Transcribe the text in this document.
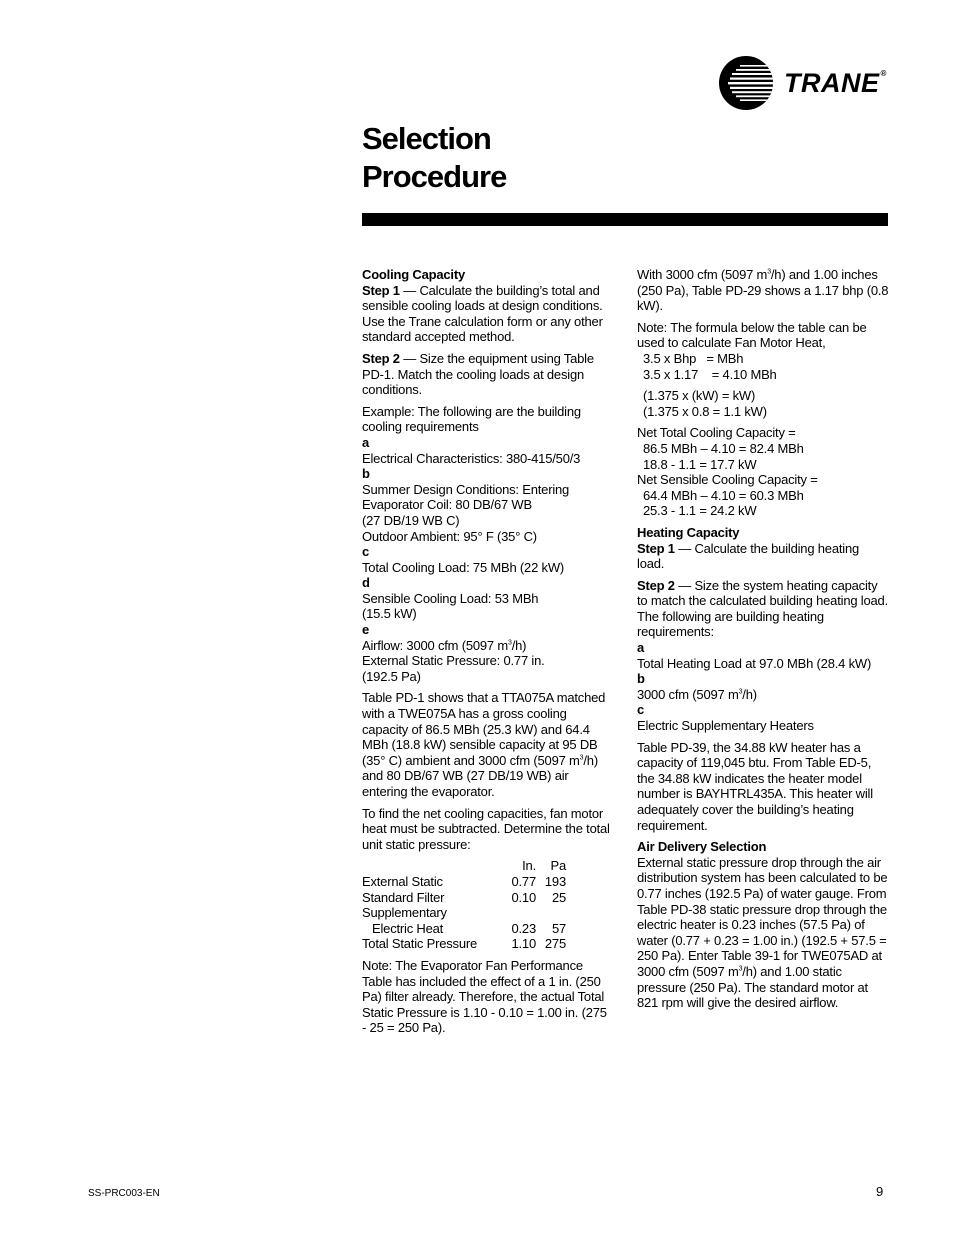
TRANE®
Selection
Procedure

Cooling Capacity
Step 1 — Calculate the building’s total and sensible cooling loads at design conditions. Use the Trane calculation form or any other standard accepted method.

Step 2 — Size the equipment using Table PD-1. Match the cooling loads at design conditions.

Example: The following are the building cooling requirements
a
Electrical Characteristics: 380-415/50/3
b
Summer Design Conditions: Entering Evaporator Coil: 80 DB/67 WB
(27 DB/19 WB C)
Outdoor Ambient: 95° F (35° C)
c
Total Cooling Load: 75 MBh (22 kW)
d
Sensible Cooling Load: 53 MBh
(15.5 kW)
e
Airflow: 3000 cfm (5097 $m^3/h$)
External Static Pressure: 0.77 in.
(192.5 Pa)

Table PD-1 shows that a TTA075A matched with a TWE075A has a gross cooling capacity of 86.5 MBh (25.3 kW) and 64.4 MBh (18.8 kW) sensible capacity at 95 DB (35° C) ambient and 3000 cfm (5097 $m^3/h$) and 80 DB/67 WB (27 DB/19 WB) air entering the evaporator.

To find the net cooling capacities, fan motor heat must be subtracted. Determine the total unit static pressure:

	In.	Pa
External Static	0.77	193
Standard Filter	0.10	25
Supplementary		
Electric Heat	0.23	57
Total Static Pressure	1.10	275

Note: The Evaporator Fan Performance Table has included the effect of a 1 in. (250 Pa) filter already. Therefore, the actual Total Static Pressure is 1.10 - 0.10 = 1.00 in. (275 - 25 = 250 Pa).

With 3000 cfm (5097 $m^3/h$) and 1.00 inches (250 Pa), Table PD-29 shows a 1.17 bhp (0.8 kW).

Note: The formula below the table can be used to calculate Fan Motor Heat,
3.5 x Bhp   = MBh
3.5 x 1.17    = 4.10 MBh

(1.375 x (kW) = kW)
(1.375 x 0.8 = 1.1 kW)

Net Total Cooling Capacity =
86.5 MBh – 4.10 = 82.4 MBh
18.8 - 1.1 = 17.7 kW
Net Sensible Cooling Capacity =
64.4 MBh – 4.10 = 60.3 MBh
25.3 - 1.1 = 24.2 kW

Heating Capacity
Step 1 — Calculate the building heating load.

Step 2 — Size the system heating capacity to match the calculated building heating load. The following are building heating requirements:
a
Total Heating Load at 97.0 MBh (28.4 kW)
b
3000 cfm (5097 $m^3/h$)
c
Electric Supplementary Heaters

Table PD-39, the 34.88 kW heater has a capacity of 119,045 btu. From Table ED-5, the 34.88 kW indicates the heater model number is BAYHTRL435A. This heater will adequately cover the building’s heating requirement.

Air Delivery Selection
External static pressure drop through the air distribution system has been calculated to be 0.77 inches (192.5 Pa) of water gauge. From Table PD-38 static pressure drop through the electric heater is 0.23 inches (57.5 Pa) of water (0.77 + 0.23 = 1.00 in.) (192.5 + 57.5 = 250 Pa). Enter Table 39-1 for TWE075AD at 3000 cfm (5097 $m^3/h$) and 1.00 static pressure (250 Pa). The standard motor at 821 rpm will give the desired airflow.

SS-PRC003-EN	9
